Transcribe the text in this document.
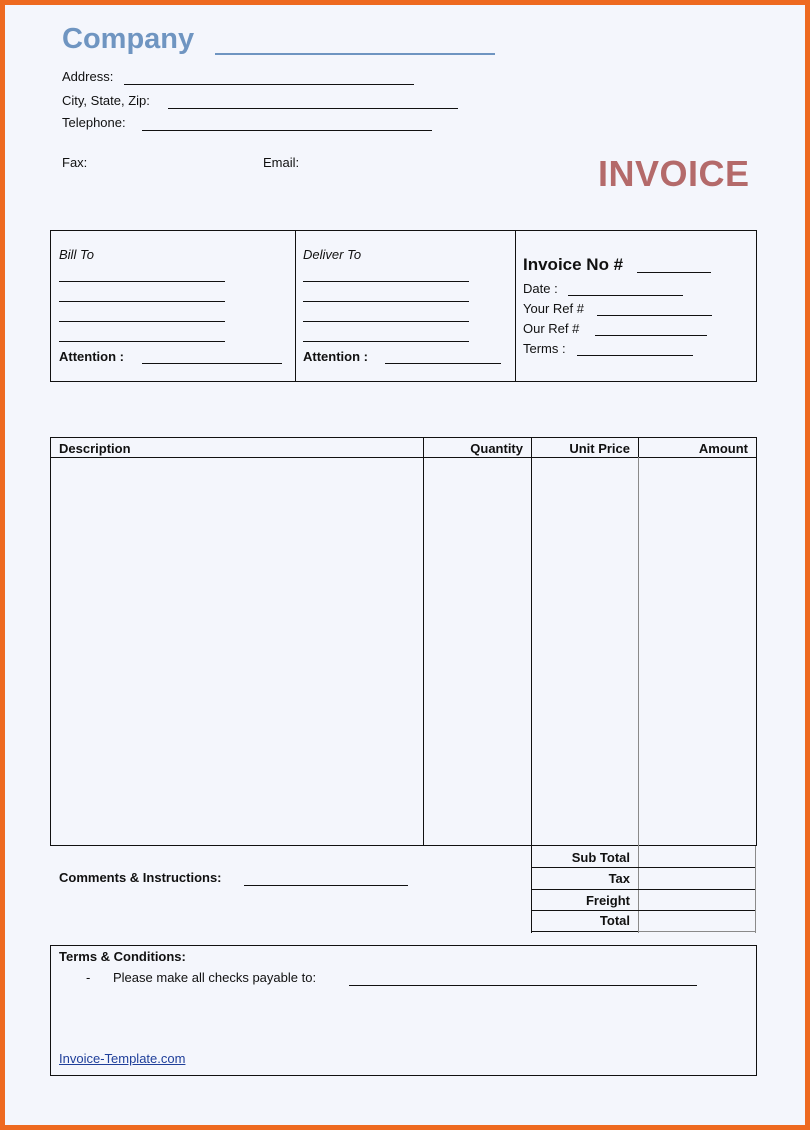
Company
Address:
City, State, Zip:
Telephone:
Fax:	Email:	INVOICE
Bill To
Attention :
Deliver To
Attention :
Invoice No #
Date :
Your Ref #
Our Ref #
Terms :
Description	Quantity	Unit Price	Amount
Sub Total
Tax
Freight
Total
Comments & Instructions:
Terms & Conditions:
- Please make all checks payable to:
Invoice-Template.com
